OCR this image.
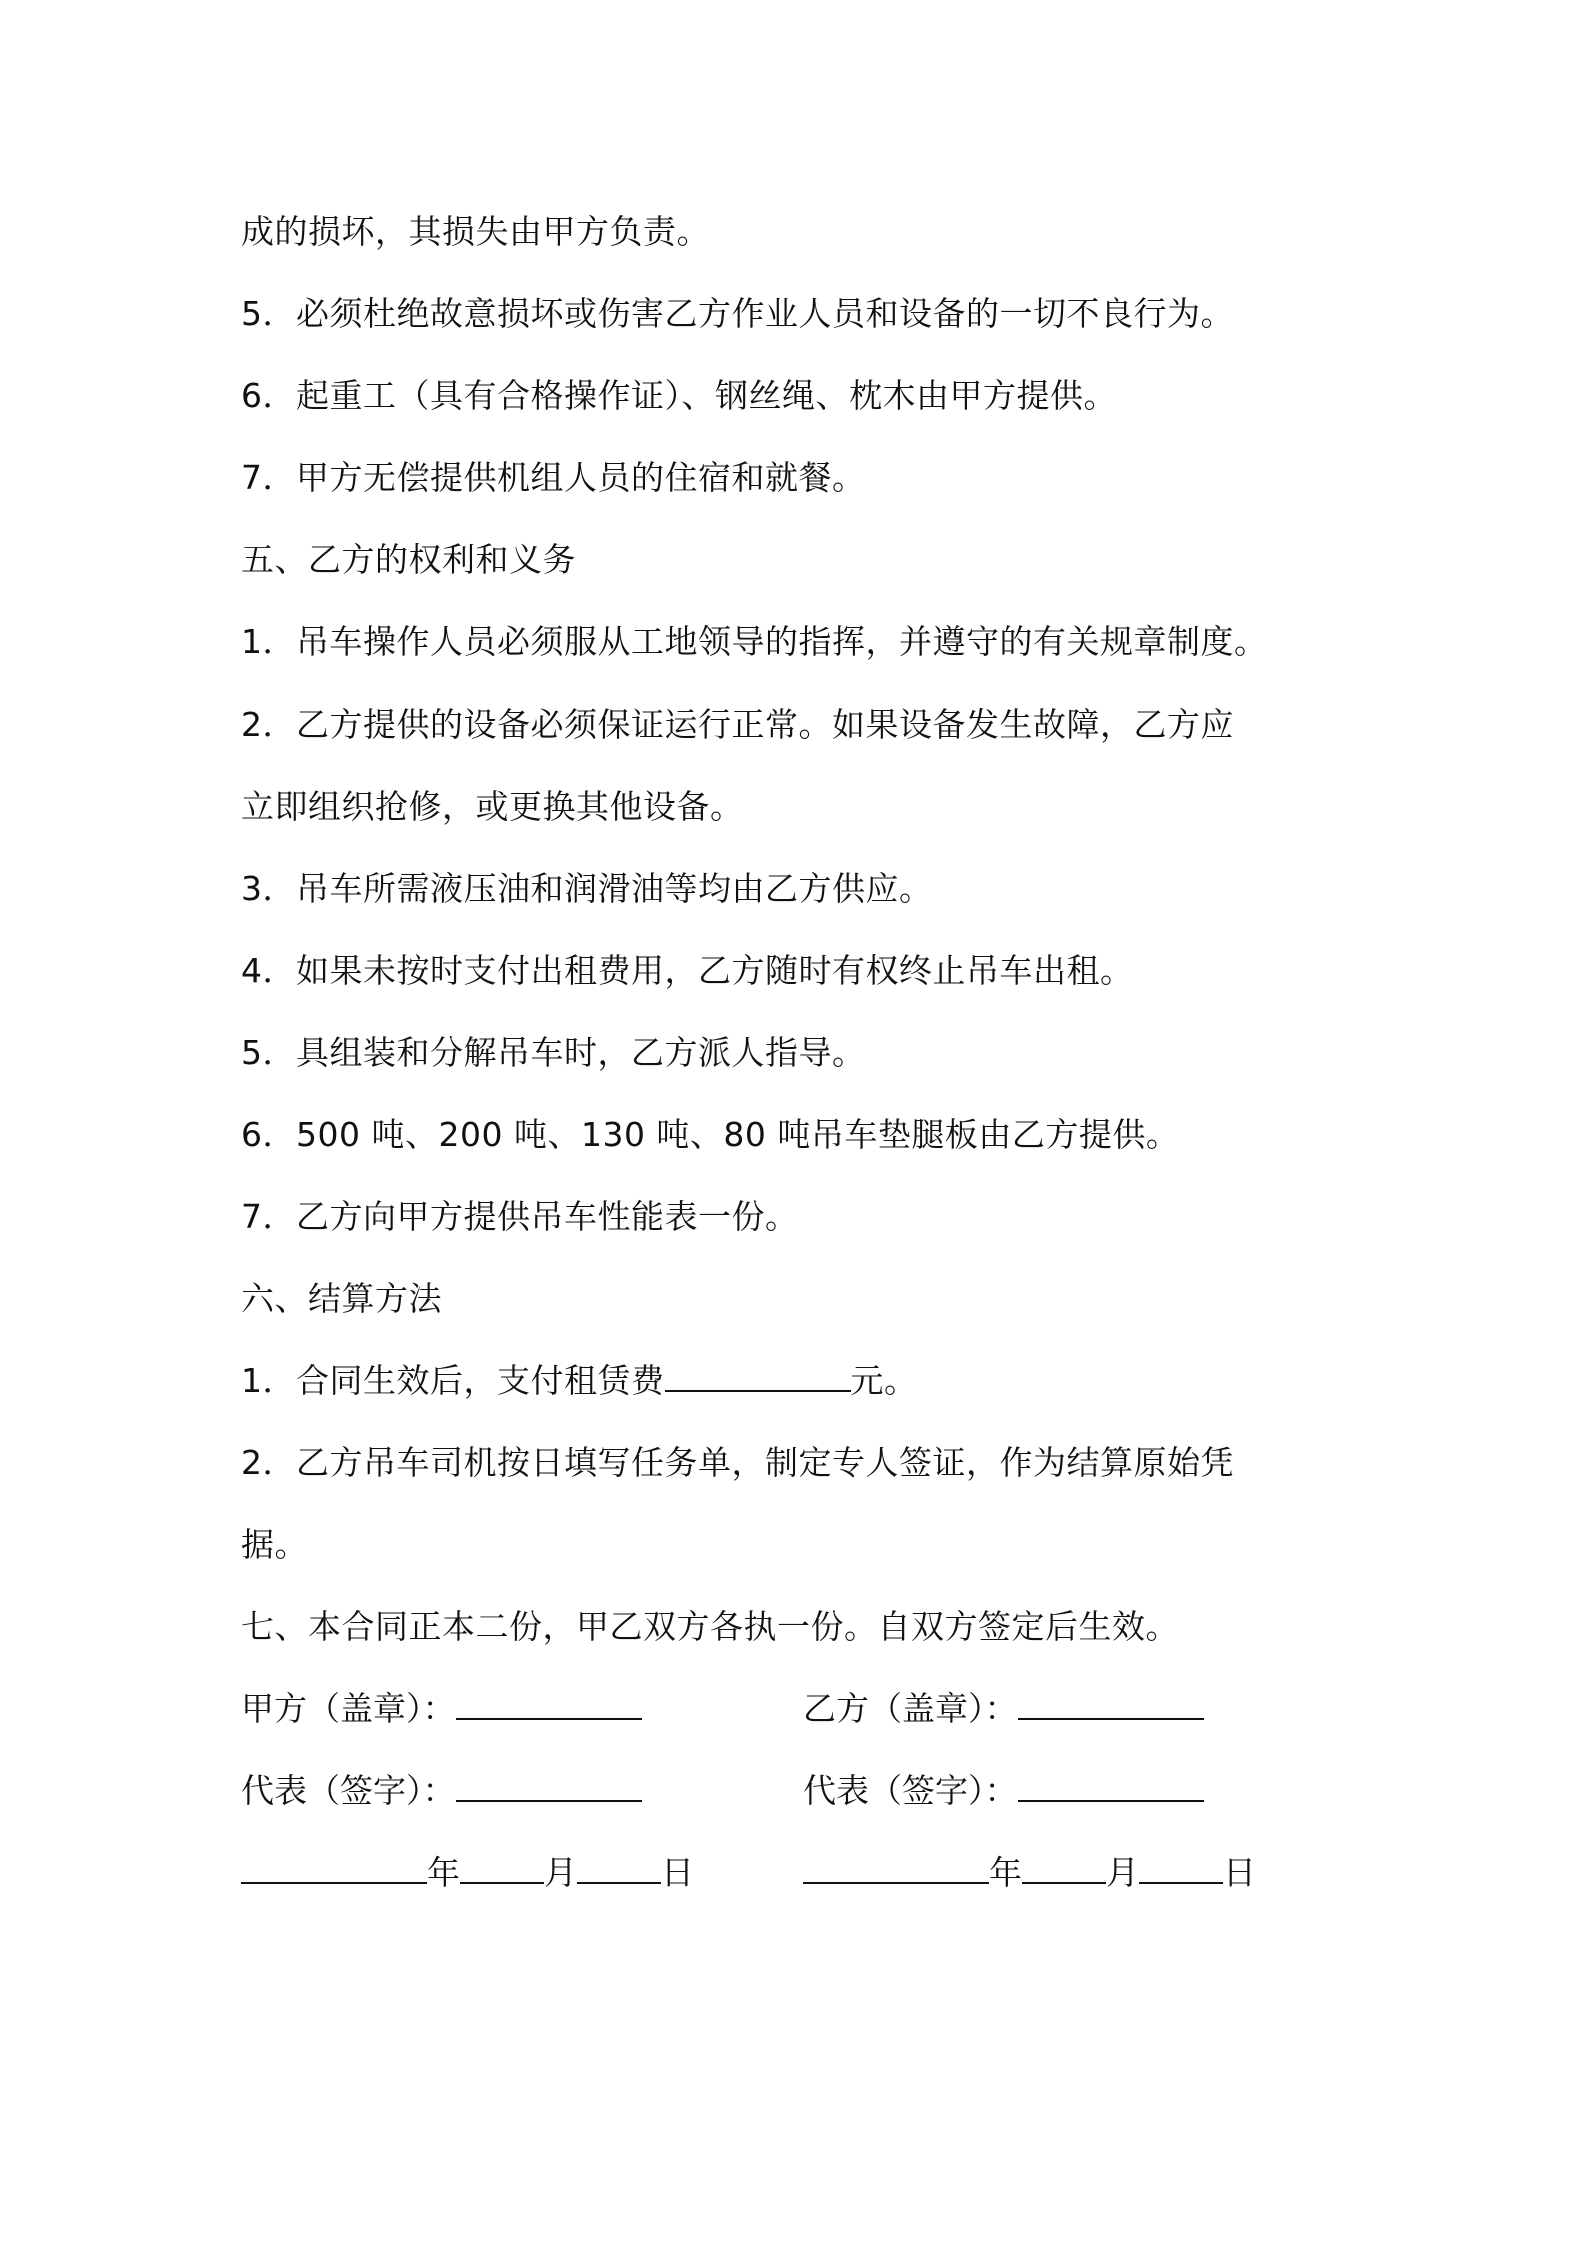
成的损坏，其损失由甲方负责。
5．必须杜绝故意损坏或伤害乙方作业人员和设备的一切不良行为。
6．起重工（具有合格操作证）、钢丝绳、枕木由甲方提供。
7．甲方无偿提供机组人员的住宿和就餐。
五、乙方的权利和义务
1．吊车操作人员必须服从工地领导的指挥，并遵守的有关规章制度。
2．乙方提供的设备必须保证运行正常。如果设备发生故障，乙方应
立即组织抢修，或更换其他设备。
3．吊车所需液压油和润滑油等均由乙方供应。
4．如果未按时支付出租费用，乙方随时有权终止吊车出租。
5．具组装和分解吊车时，乙方派人指导。
6．500 吨、200 吨、130 吨、80 吨吊车垫腿板由乙方提供。
7．乙方向甲方提供吊车性能表一份。
六、结算方法
1．合同生效后，支付租赁费	元。
2．乙方吊车司机按日填写任务单，制定专人签证，作为结算原始凭
据。
七、本合同正本二份，甲乙双方各执一份。自双方签定后生效。
甲方（盖章）：	乙方（盖章）：
代表（签字）：	代表（签字）：
年	月	日	年	月	日
